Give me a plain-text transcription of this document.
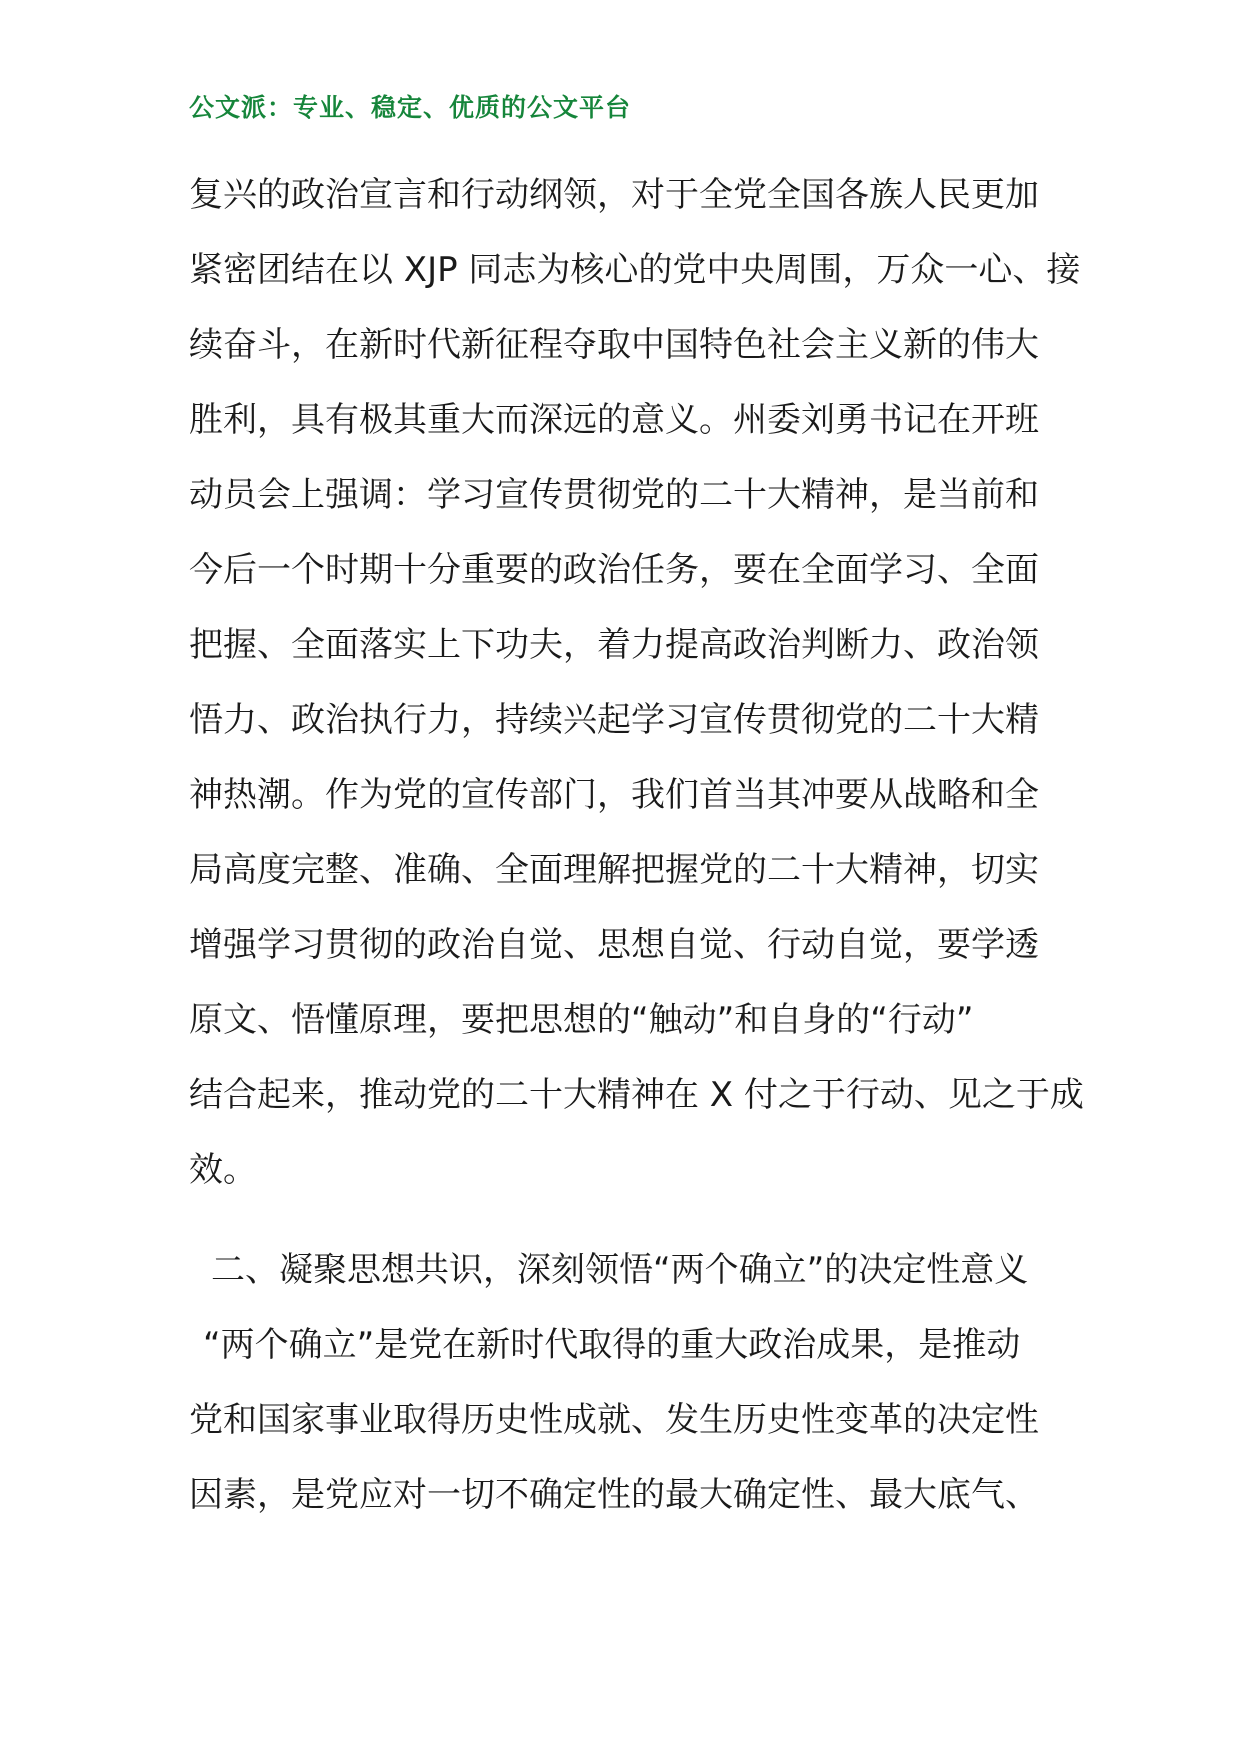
公文派：专业、稳定、优质的公文平台
复兴的政治宣言和行动纲领，对于全党全国各族人民更加
紧密团结在以 XJP 同志为核心的党中央周围，万众一心、接
续奋斗，在新时代新征程夺取中国特色社会主义新的伟大
胜利，具有极其重大而深远的意义。州委刘勇书记在开班
动员会上强调：学习宣传贯彻党的二十大精神，是当前和
今后一个时期十分重要的政治任务，要在全面学习、全面
把握、全面落实上下功夫，着力提高政治判断力、政治领
悟力、政治执行力，持续兴起学习宣传贯彻党的二十大精
神热潮。作为党的宣传部门，我们首当其冲要从战略和全
局高度完整、准确、全面理解把握党的二十大精神，切实
增强学习贯彻的政治自觉、思想自觉、行动自觉，要学透
原文、悟懂原理，要把思想的“触动”和自身的“行动”
结合起来，推动党的二十大精神在 X 付之于行动、见之于成
效。
二、凝聚思想共识，深刻领悟“两个确立”的决定性意义
“两个确立”是党在新时代取得的重大政治成果，是推动
党和国家事业取得历史性成就、发生历史性变革的决定性
因素，是党应对一切不确定性的最大确定性、最大底气、
